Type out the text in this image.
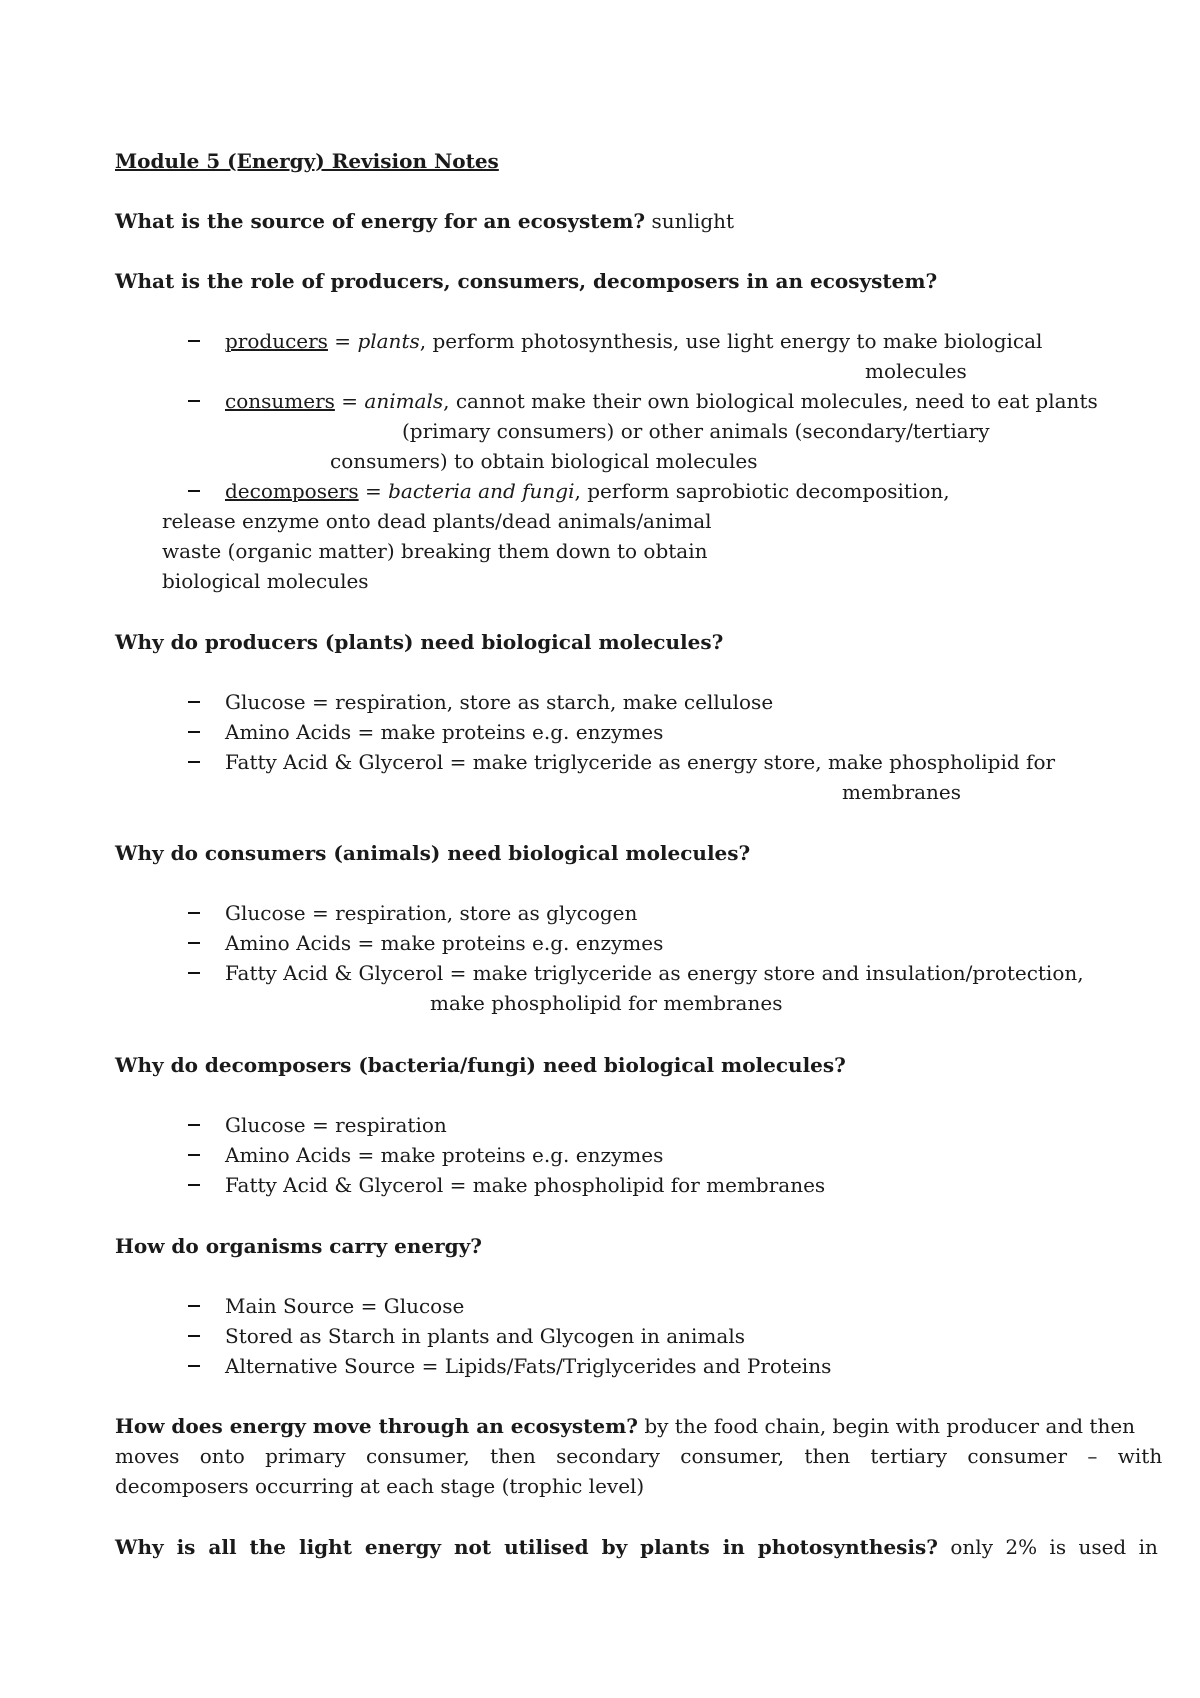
Module 5 (Energy) Revision Notes
What is the source of energy for an ecosystem? sunlight
What is the role of producers, consumers, decomposers in an ecosystem?
producers = plants, perform photosynthesis, use light energy to make biological
molecules
consumers = animals, cannot make their own biological molecules, need to eat plants
(primary consumers) or other animals (secondary/tertiary
consumers) to obtain biological molecules
decomposers = bacteria and fungi, perform saprobiotic decomposition,
release enzyme onto dead plants/dead animals/animal
waste (organic matter) breaking them down to obtain
biological molecules
Why do producers (plants) need biological molecules?
Glucose = respiration, store as starch, make cellulose
Amino Acids = make proteins e.g. enzymes
Fatty Acid & Glycerol = make triglyceride as energy store, make phospholipid for
membranes
Why do consumers (animals) need biological molecules?
Glucose = respiration, store as glycogen
Amino Acids = make proteins e.g. enzymes
Fatty Acid & Glycerol = make triglyceride as energy store and insulation/protection,
make phospholipid for membranes
Why do decomposers (bacteria/fungi) need biological molecules?
Glucose = respiration
Amino Acids = make proteins e.g. enzymes
Fatty Acid & Glycerol = make phospholipid for membranes
How do organisms carry energy?
Main Source = Glucose
Stored as Starch in plants and Glycogen in animals
Alternative Source = Lipids/Fats/Triglycerides and Proteins
How does energy move through an ecosystem? by the food chain, begin with producer and then
moves onto primary consumer, then secondary consumer, then tertiary consumer – with
decomposers occurring at each stage (trophic level)
Why is all the light energy not utilised by plants in photosynthesis? only 2% is used in
